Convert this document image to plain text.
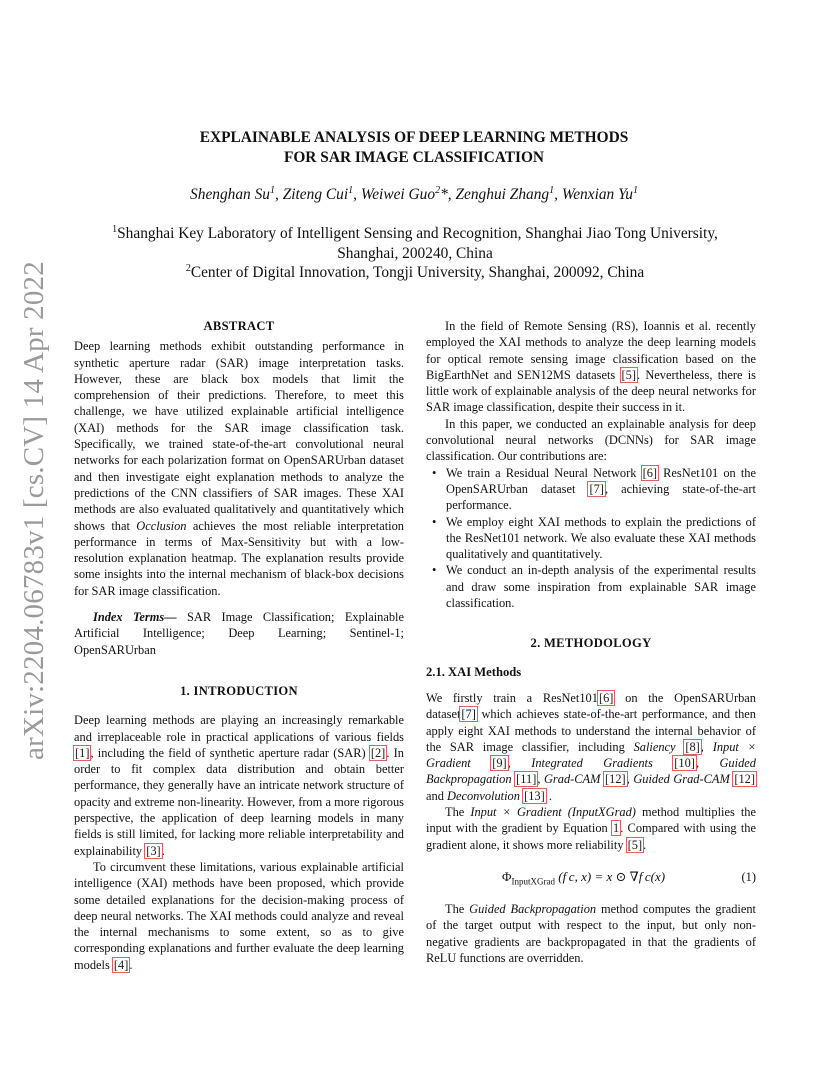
arXiv:2204.06783v1 [cs.CV] 14 Apr 2022
EXPLAINABLE ANALYSIS OF DEEP LEARNING METHODS
FOR SAR IMAGE CLASSIFICATION
Shenghan Su$^1$, Ziteng Cui$^1$, Weiwei Guo$^2$*, Zenghui Zhang$^1$, Wenxian Yu$^1$
$^1$Shanghai Key Laboratory of Intelligent Sensing and Recognition, Shanghai Jiao Tong University,
Shanghai, 200240, China
$^2$Center of Digital Innovation, Tongji University, Shanghai, 200092, China
ABSTRACT

Deep learning methods exhibit outstanding performance in synthetic aperture radar (SAR) image interpretation tasks. However, these are black box models that limit the comprehension of their predictions. Therefore, to meet this challenge, we have utilized explainable artificial intelligence (XAI) methods for the SAR image classification task. Specifically, we trained state-of-the-art convolutional neural networks for each polarization format on OpenSARUrban dataset and then investigate eight explanation methods to analyze the predictions of the CNN classifiers of SAR images. These XAI methods are also evaluated qualitatively and quantitatively which shows that Occlusion achieves the most reliable interpretation performance in terms of Max-Sensitivity but with a low-resolution explanation heatmap. The explanation results provide some insights into the internal mechanism of black-box decisions for SAR image classification.

Index Terms— SAR Image Classification; Explainable Artificial Intelligence; Deep Learning; Sentinel-1; OpenSARUrban

1. INTRODUCTION

Deep learning methods are playing an increasingly remarkable and irreplaceable role in practical applications of various fields [1], including the field of synthetic aperture radar (SAR) [2]. In order to fit complex data distribution and obtain better performance, they generally have an intricate network structure of opacity and extreme non-linearity. However, from a more rigorous perspective, the application of deep learning models in many fields is still limited, for lacking more reliable interpretability and explainability [3].

To circumvent these limitations, various explainable artificial intelligence (XAI) methods have been proposed, which provide some detailed explanations for the decision-making process of deep neural networks. The XAI methods could analyze and reveal the internal mechanisms to some extent, so as to give corresponding explanations and further evaluate the deep learning models [4].

In the field of Remote Sensing (RS), Ioannis et al. recently employed the XAI methods to analyze the deep learning models for optical remote sensing image classification based on the BigEarthNet and SEN12MS datasets [5]. Nevertheless, there is little work of explainable analysis of the deep neural networks for SAR image classification, despite their success in it.

In this paper, we conducted an explainable analysis for deep convolutional neural networks (DCNNs) for SAR image classification. Our contributions are:

• We train a Residual Neural Network [6] ResNet101 on the OpenSARUrban dataset [7], achieving state-of-the-art performance.
• We employ eight XAI methods to explain the predictions of the ResNet101 network. We also evaluate these XAI methods qualitatively and quantitatively.
• We conduct an in-depth analysis of the experimental results and draw some inspiration from explainable SAR image classification.
2. METHODOLOGY
2.1. XAI Methods

We firstly train a ResNet101[6] on the OpenSARUrban dataset[7] which achieves state-of-the-art performance, and then apply eight XAI methods to understand the internal behavior of the SAR image classifier, including Saliency [8], Input × Gradient [9], Integrated Gradients [10], Guided Backpropagation [11], Grad-CAM [12], Guided Grad-CAM [12] and Deconvolution [13] .

The Input × Gradient (InputXGrad) method multiplies the input with the gradient by Equation 1. Compared with using the gradient alone, it shows more reliability [5].

$\Phi_{InputXGrad}$ (f c, x) = x ⊙ ∇f c(x)	(1)

The Guided Backpropagation method computes the gradient of the target output with respect to the input, but only non-negative gradients are backpropagated in that the gradients of ReLU functions are overridden.
